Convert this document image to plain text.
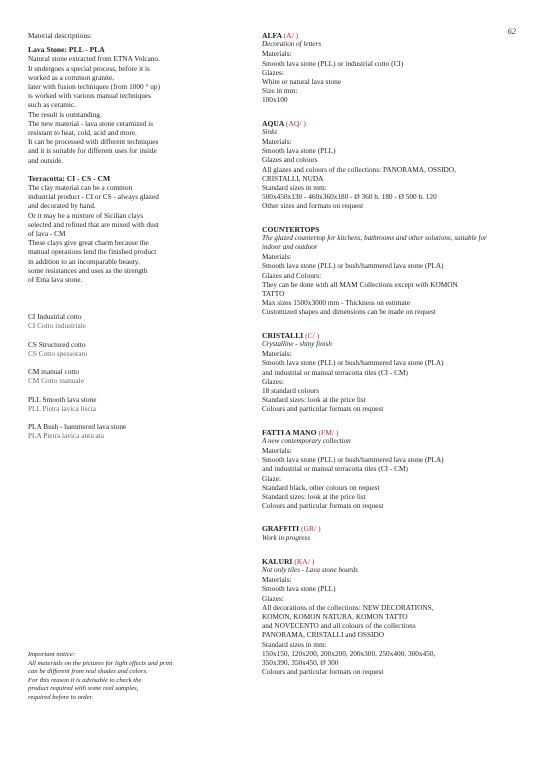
62
Material descriptions:
Lava Stone: PLL - PLA
Natural stone extracted from ETNA Volcano.
It undergoes a special process, before it is
worked as a common granite,
later with fusion techniques (from 1000 ° up)
is worked with various manual techniques
such as ceramic.
The result is outstanding.
The new material - lava stone ceramized is
resistant to heat, cold, acid and more.
It can be processed with different techniques
and it is suitable for different uses for inside
and outside.
Terracotta: CI - CS - CM
The clay material can be a common
industrial product - CI or CS - always glazed
and decorated by hand.
Or it may be a mixture of Sicilian clays
selected and refined that are mixed with dust
of lava - CM
These clays give great charm because the
manual operations lend the finished product
in addition to an incomparable beauty,
some resistances and uses as the strength
of Etna lava stone.
CI Industrial cotto
CI Cotto industriale
CS Structured cotto
CS Cotto spessorato
CM manual cotto
CM Cotto manuale
PLL Smooth lava stone
PLL Pietra lavica liscia
PLA Bush - hammered lava stone
PLA Pietra lavica anticata
Important notice:
All materials on the pictures for light effects and print
can be different from real shades and colors.
For this reason it is advisable to check the
product required with some real samples,
required before to order.
ALFA (A/ )
Decoration of letters
Materials:
Smooth lava stone (PLL) or industrial cotto (CI)
Glazes:
White or natural lava stone
Size in mm:
100x100
AQUA (AQ/ )
Sinks
Materials:
Smooth lava stone (PLL)
Glazes and colours
All glazes and colours of the collections: PANORAMA, OSSIDO,
CRISTALLI, NUDA
Standard sizes in mm:
500x450x130 - 460x360x180 - Ø 360 h. 180 - Ø 500 h. 120
Other sizes and formats on request
COUNTERTOPS
The glazed countertop for kitchens, bathrooms and other solutions, suitable for
indoor and outdoor
Materials:
Smooth lava stone (PLL) or bush/hammered lava stone (PLA)
Glazes and Colours:
They can be done with all MAM Collections except with KOMON
TATTO
Max sizes 1500x3000 mm - Thickness on estimate
Customized shapes and dimensions can be made on request
CRISTALLI (C/ )
Crystalline - shiny finish
Materials:
Smooth lava stone (PLL) or bush/hammered lava stone (PLA)
and industrial or manual terracotta tiles (CI - CM)
Glazes:
18 standard colours
Standard sizes: look at the price list
Colours and particular formats on request
FATTI A MANO (FM/ )
A new contemporary collection
Materials:
Smooth lava stone (PLL) or bush/hammered lava stone (PLA)
and industrial or manual terracotta tiles (CI - CM)
Glaze:
Standard black, other colours on request
Standard sizes: look at the price list
Colours and particular formats on request
GRAFFITI (GR/ )
Work in progress
KALURI (KA/ )
Not only tiles - Lava stone boards
Materials:
Smooth lava stone (PLL)
Glazes:
All decorations of the collections: NEW DECORATIONS,
KOMON, KOMON NATURA, KOMON TATTO
and NOVECENTO and all colours of the collections
PANORAMA, CRISTALLI and OSSIDO
Standard sizes in mm:
150x150, 120x200, 200x200, 200x300, 250x400, 300x450,
350x390, 350x450, Ø 300
Colours and particular formats on request
